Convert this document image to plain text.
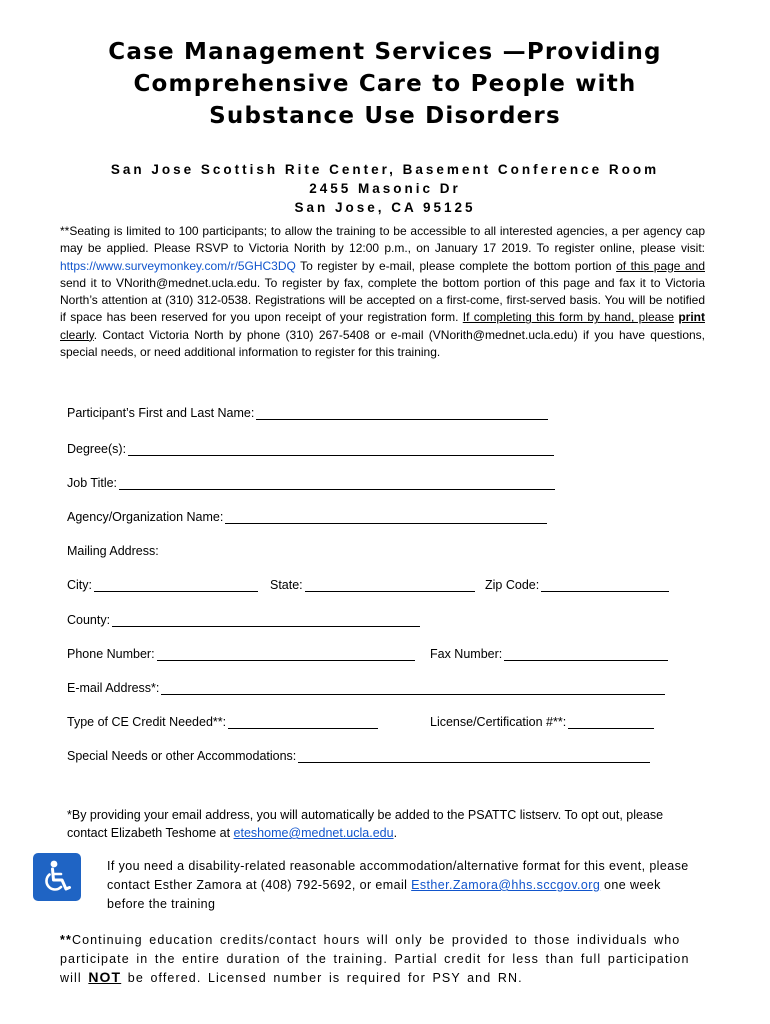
Case Management Services —Providing
Comprehensive Care to People with
Substance Use Disorders
San Jose Scottish Rite Center, Basement Conference Room
2455 Masonic Dr
San Jose, CA 95125
**Seating is limited to 100 participants; to allow the training to be accessible to all interested agencies, a per agency cap may be applied. Please RSVP to Victoria Norith by 12:00 p.m., on January 17 2019. To register online, please visit: https://www.surveymonkey.com/r/5GHC3DQ To register by e-mail, please complete the bottom portion of this page and send it to VNorith@mednet.ucla.edu. To register by fax, complete the bottom portion of this page and fax it to Victoria North’s attention at (310) 312-0538. Registrations will be accepted on a first-come, first-served basis. You will be notified if space has been reserved for you upon receipt of your registration form. If completing this form by hand, please print clearly. Contact Victoria North by phone (310) 267-5408 or e-mail (VNorith@mednet.ucla.edu) if you have questions, special needs, or need additional information to register for this training.
Participant’s First and Last Name:
Degree(s):
Job Title:
Agency/Organization Name:
Mailing Address:
City:	State:	Zip Code:
County:
Phone Number:	Fax Number:
E-mail Address*:
Type of CE Credit Needed**:	License/Certification #**:
Special Needs or other Accommodations:
*By providing your email address, you will automatically be added to the PSATTC listserv. To opt out, please contact Elizabeth Teshome at eteshome@mednet.ucla.edu.
If you need a disability-related reasonable accommodation/alternative format for this event, please contact Esther Zamora at (408) 792-5692, or email Esther.Zamora@hhs.sccgov.org one week before the training
**Continuing education credits/contact hours will only be provided to those individuals who participate in the entire duration of the training. Partial credit for less than full participation will NOT be offered. Licensed number is required for PSY and RN.
